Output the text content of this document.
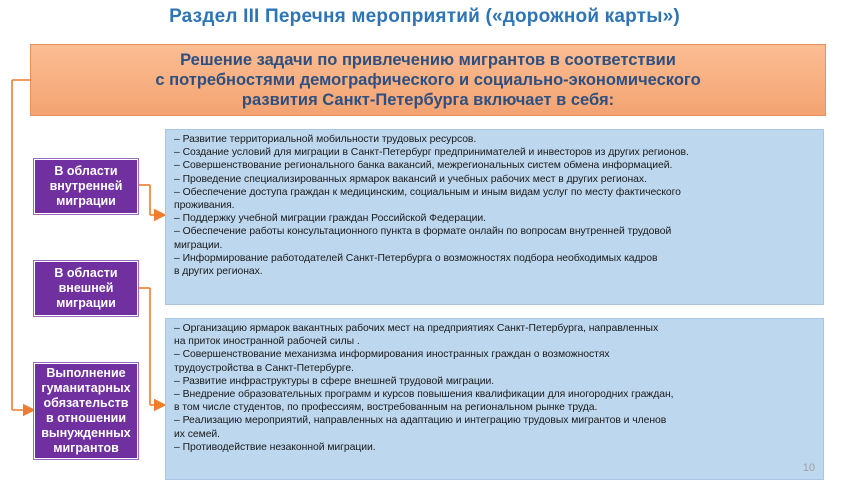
Раздел III Перечня мероприятий («дорожной карты»)
Решение задачи по привлечению мигрантов в соответствии
с потребностями демографического и социально-экономического
развития Санкт-Петербурга включает в себя:
В области
внутренней
миграции
В области
внешней
миграции
Выполнение
гуманитарных
обязательств
в отношении
вынужденных
мигрантов
– Развитие территориальной мобильности трудовых ресурсов.
– Создание условий для миграции в Санкт-Петербург предпринимателей и инвесторов из других регионов.
– Совершенствование регионального банка вакансий, межрегиональных систем обмена информацией.
– Проведение специализированных ярмарок вакансий и учебных рабочих мест в других регионах.
– Обеспечение доступа граждан к медицинским, социальным и иным видам услуг по месту фактического
проживания.
– Поддержку учебной миграции граждан Российской Федерации.
– Обеспечение работы консультационного пункта в формате онлайн по вопросам внутренней трудовой
миграции.
– Информирование работодателей Санкт-Петербурга о возможностях подбора необходимых кадров
в других регионах.
– Организацию ярмарок вакантных рабочих мест на предприятиях Санкт-Петербурга, направленных
на приток иностранной рабочей силы .
– Совершенствование механизма информирования иностранных граждан о возможностях
трудоустройства в Санкт-Петербурге.
– Развитие инфраструктуры в сфере внешней трудовой миграции.
– Внедрение образовательных программ и курсов повышения квалификации для иногородних граждан,
в том числе студентов, по профессиям, востребованным на региональном рынке труда.
– Реализацию мероприятий, направленных на адаптацию и интеграцию трудовых мигрантов и членов
их семей.
– Противодействие незаконной миграции.
10
